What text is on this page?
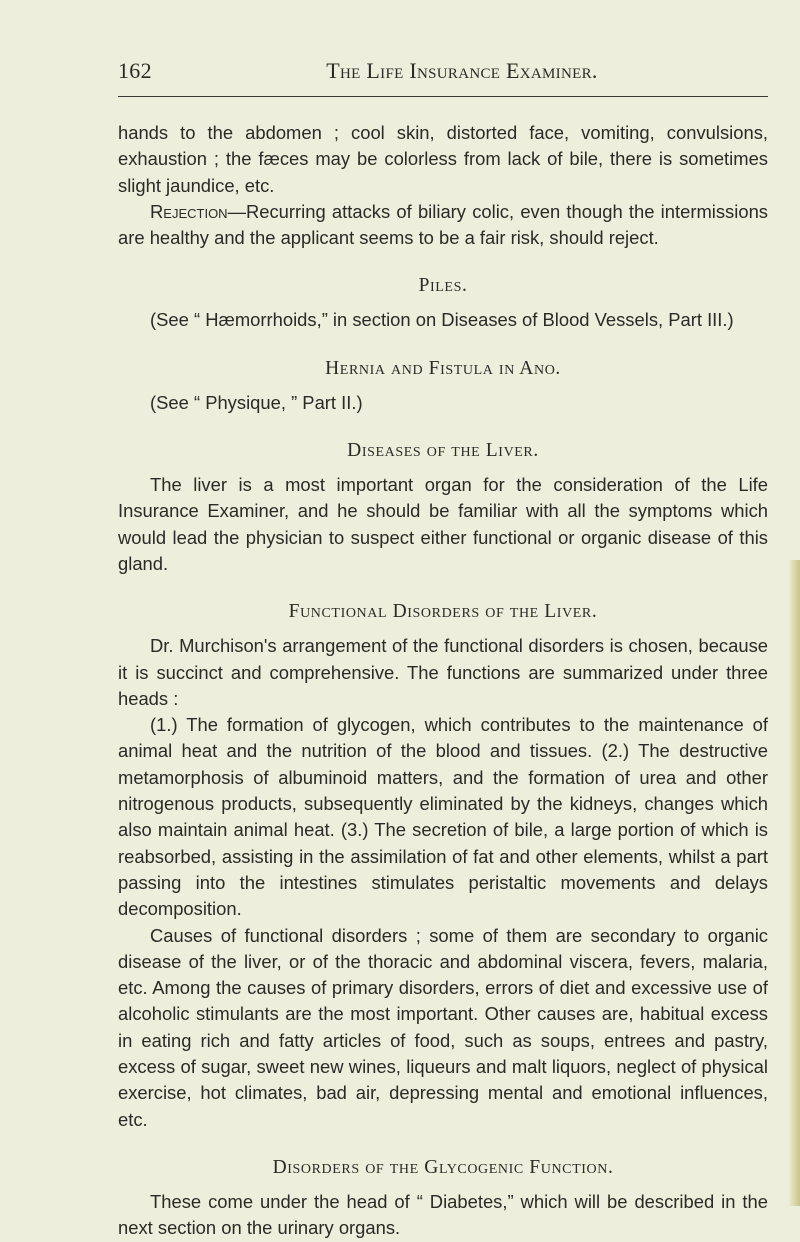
162	The Life Insurance Examiner.

hands to the abdomen ; cool skin, distorted face, vomiting, convulsions, exhaustion ; the fæces may be colorless from lack of bile, there is sometimes slight jaundice, etc.

Rejection—Recurring attacks of biliary colic, even though the intermissions are healthy and the applicant seems to be a fair risk, should reject.

Piles.

(See “ Hæmorrhoids,” in section on Diseases of Blood Vessels, Part III.)

Hernia and Fistula in Ano.

(See “ Physique, ” Part II.)

Diseases of the Liver.

The liver is a most important organ for the consideration of the Life Insurance Examiner, and he should be familiar with all the symptoms which would lead the physician to suspect either functional or organic disease of this gland.

Functional Disorders of the Liver.

Dr. Murchison's arrangement of the functional disorders is chosen, because it is succinct and comprehensive. The functions are summarized under three heads :

(1.) The formation of glycogen, which contributes to the maintenance of animal heat and the nutrition of the blood and tissues. (2.) The destructive metamorphosis of albuminoid matters, and the formation of urea and other nitrogenous products, subsequently eliminated by the kidneys, changes which also maintain animal heat. (3.) The secretion of bile, a large portion of which is reabsorbed, assisting in the assimilation of fat and other elements, whilst a part passing into the intestines stimulates peristaltic movements and delays decomposition.

Causes of functional disorders ; some of them are secondary to organic disease of the liver, or of the thoracic and abdominal viscera, fevers, malaria, etc. Among the causes of primary disorders, errors of diet and excessive use of alcoholic stimulants are the most important. Other causes are, habitual excess in eating rich and fatty articles of food, such as soups, entrees and pastry, excess of sugar, sweet new wines, liqueurs and malt liquors, neglect of physical exercise, hot climates, bad air, depressing mental and emotional influences, etc.

Disorders of the Glycogenic Function.

These come under the head of “ Diabetes,” which will be described in the next section on the urinary organs.
